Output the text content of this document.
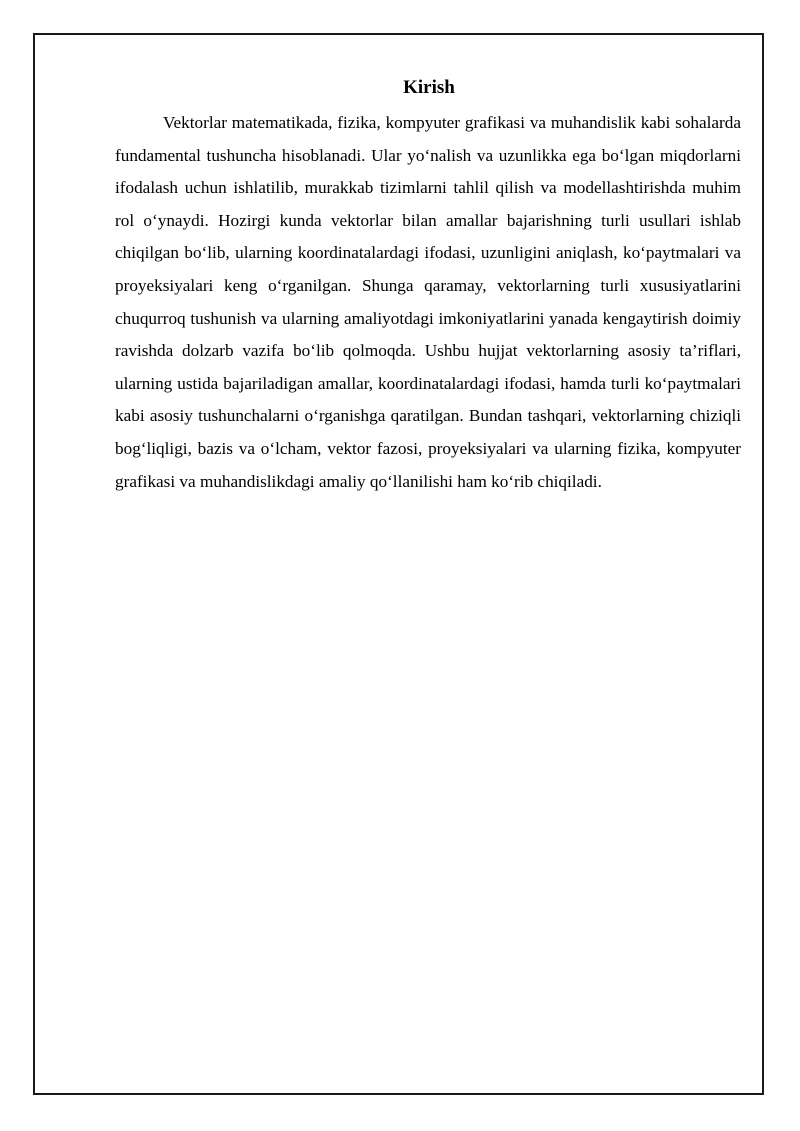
Kirish

Vektorlar matematikada, fizika, kompyuter grafikasi va muhandislik kabi sohalarda fundamental tushuncha hisoblanadi. Ular yo‘nalish va uzunlikka ega bo‘lgan miqdorlarni ifodalash uchun ishlatilib, murakkab tizimlarni tahlil qilish va modellashtirishda muhim rol o‘ynaydi. Hozirgi kunda vektorlar bilan amallar bajarishning turli usullari ishlab chiqilgan bo‘lib, ularning koordinatalardagi ifodasi, uzunligini aniqlash, ko‘paytmalari va proyeksiyalari keng o‘rganilgan. Shunga qaramay, vektorlarning turli xususiyatlarini chuqurroq tushunish va ularning amaliyotdagi imkoniyatlarini yanada kengaytirish doimiy ravishda dolzarb vazifa bo‘lib qolmoqda. Ushbu hujjat vektorlarning asosiy ta’riflari, ularning ustida bajariladigan amallar, koordinatalardagi ifodasi, hamda turli ko‘paytmalari kabi asosiy tushunchalarni o‘rganishga qaratilgan. Bundan tashqari, vektorlarning chiziqli bog‘liqligi, bazis va o‘lcham, vektor fazosi, proyeksiyalari va ularning fizika, kompyuter grafikasi va muhandislikdagi amaliy qo‘llanilishi ham ko‘rib chiqiladi.
